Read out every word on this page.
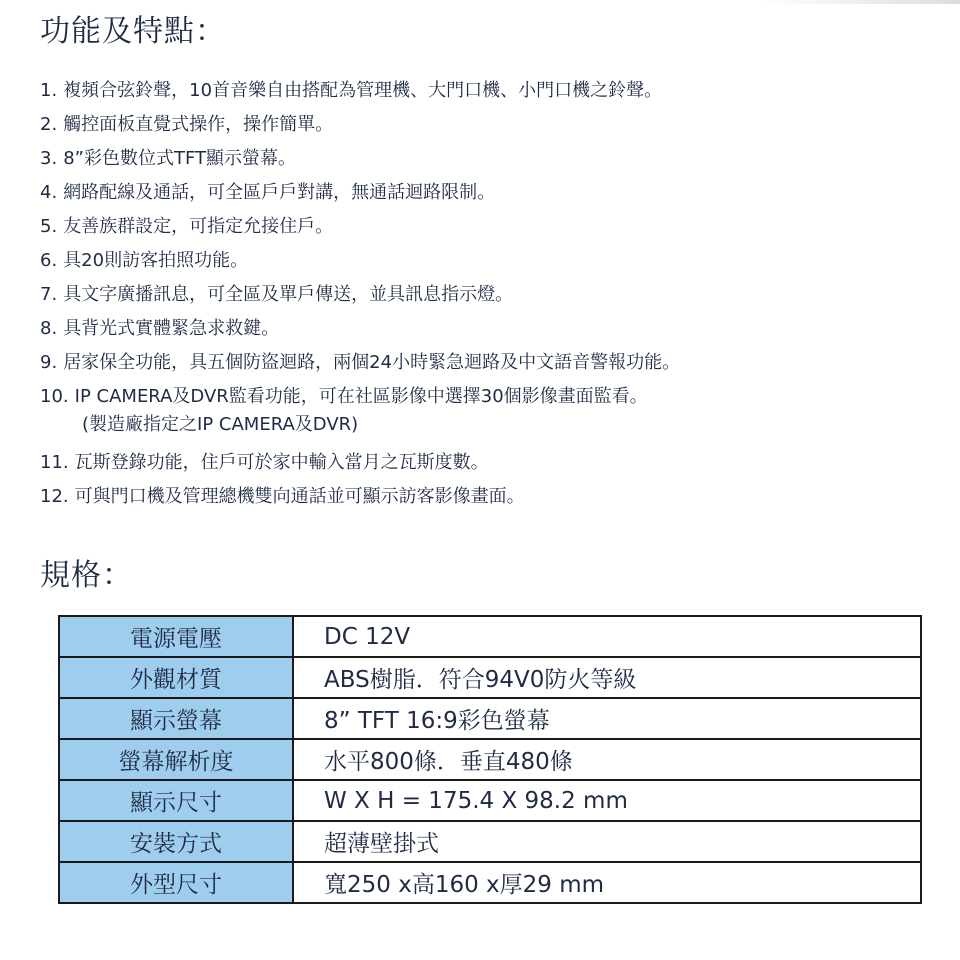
功能及特點：
1. 複頻合弦鈴聲，10首音樂自由搭配為管理機、大門口機、小門口機之鈴聲。
2. 觸控面板直覺式操作，操作簡單。
3. 8”彩色數位式TFT顯示螢幕。
4. 網路配線及通話，可全區戶戶對講，無通話迴路限制。
5. 友善族群設定，可指定允接住戶。
6. 具20則訪客拍照功能。
7. 具文字廣播訊息，可全區及單戶傳送，並具訊息指示燈。
8. 具背光式實體緊急求救鍵。
9. 居家保全功能，具五個防盜迴路，兩個24小時緊急迴路及中文語音警報功能。
10. IP CAMERA及DVR監看功能，可在社區影像中選擇30個影像畫面監看。
(製造廠指定之IP CAMERA及DVR)
11. 瓦斯登錄功能，住戶可於家中輸入當月之瓦斯度數。
12. 可與門口機及管理總機雙向通話並可顯示訪客影像畫面。
規格：
電源電壓	DC 12V
外觀材質	ABS樹脂．符合94V0防火等級
顯示螢幕	8” TFT 16:9彩色螢幕
螢幕解析度	水平800條．垂直480條
顯示尺寸	W X H = 175.4 X 98.2 mm
安裝方式	超薄壁掛式
外型尺寸	寬250 x高160 x厚29 mm
